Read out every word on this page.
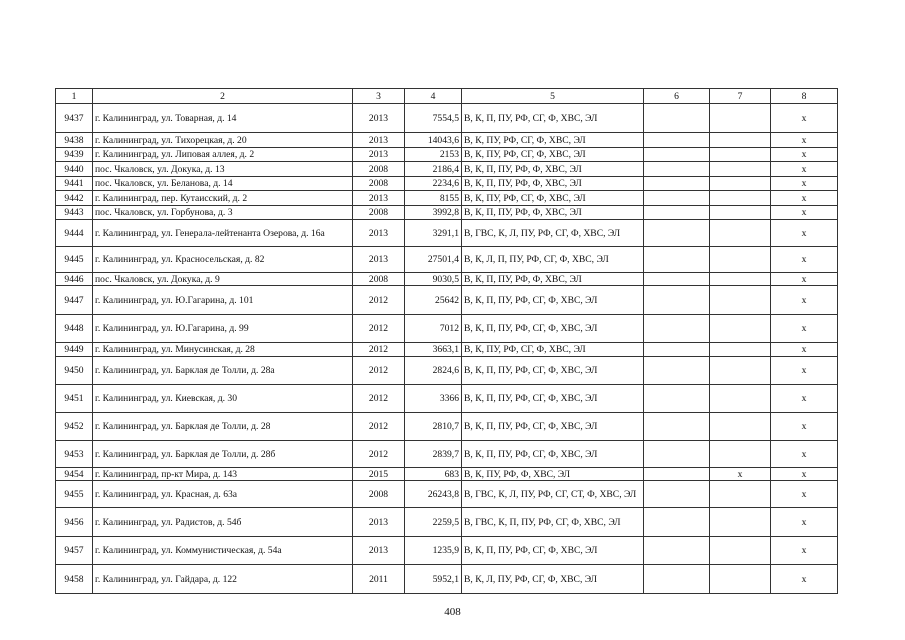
1	2	3	4	5	6	7	8
9437	г. Калининград, ул. Товарная, д. 14	2013	7554,5	В, К, П, ПУ, РФ, СГ, Ф, ХВС, ЭЛ			x
9438	г. Калининград, ул. Тихорецкая, д. 20	2013	14043,6	В, К, ПУ, РФ, СГ, Ф, ХВС, ЭЛ			x
9439	г. Калининград, ул. Липовая аллея, д. 2	2013	2153	В, К, ПУ, РФ, СГ, Ф, ХВС, ЭЛ			x
9440	пос. Чкаловск, ул. Докука, д. 13	2008	2186,4	В, К, П, ПУ, РФ, Ф, ХВС, ЭЛ			x
9441	пос. Чкаловск, ул. Беланова, д. 14	2008	2234,6	В, К, П, ПУ, РФ, Ф, ХВС, ЭЛ			x
9442	г. Калининград, пер. Кутаисский, д. 2	2013	8155	В, К, ПУ, РФ, СГ, Ф, ХВС, ЭЛ			x
9443	пос. Чкаловск, ул. Горбунова, д. 3	2008	3992,8	В, К, П, ПУ, РФ, Ф, ХВС, ЭЛ			x
9444	г. Калининград, ул. Генерала-лейтенанта Озерова, д. 16а	2013	3291,1	В, ГВС, К, Л, ПУ, РФ, СГ, Ф, ХВС, ЭЛ			x
9445	г. Калининград, ул. Красносельская, д. 82	2013	27501,4	В, К, Л, П, ПУ, РФ, СГ, Ф, ХВС, ЭЛ			x
9446	пос. Чкаловск, ул. Докука, д. 9	2008	9030,5	В, К, П, ПУ, РФ, Ф, ХВС, ЭЛ			x
9447	г. Калининград, ул. Ю.Гагарина, д. 101	2012	25642	В, К, П, ПУ, РФ, СГ, Ф, ХВС, ЭЛ			x
9448	г. Калининград, ул. Ю.Гагарина, д. 99	2012	7012	В, К, П, ПУ, РФ, СГ, Ф, ХВС, ЭЛ			x
9449	г. Калининград, ул. Минусинская, д. 28	2012	3663,1	В, К, ПУ, РФ, СГ, Ф, ХВС, ЭЛ			x
9450	г. Калининград, ул. Барклая де Толли, д. 28а	2012	2824,6	В, К, П, ПУ, РФ, СГ, Ф, ХВС, ЭЛ			x
9451	г. Калининград, ул. Киевская, д. 30	2012	3366	В, К, П, ПУ, РФ, СГ, Ф, ХВС, ЭЛ			x
9452	г. Калининград, ул. Барклая де Толли, д. 28	2012	2810,7	В, К, П, ПУ, РФ, СГ, Ф, ХВС, ЭЛ			x
9453	г. Калининград, ул. Барклая де Толли, д. 28б	2012	2839,7	В, К, П, ПУ, РФ, СГ, Ф, ХВС, ЭЛ			x
9454	г. Калининград, пр-кт Мира, д. 143	2015	683	В, К, ПУ, РФ, Ф, ХВС, ЭЛ		x	x
9455	г. Калининград, ул. Красная, д. 63а	2008	26243,8	В, ГВС, К, Л, ПУ, РФ, СГ, СТ, Ф, ХВС, ЭЛ			x
9456	г. Калининград, ул. Радистов, д. 54б	2013	2259,5	В, ГВС, К, П, ПУ, РФ, СГ, Ф, ХВС, ЭЛ			x
9457	г. Калининград, ул. Коммунистическая, д. 54а	2013	1235,9	В, К, П, ПУ, РФ, СГ, Ф, ХВС, ЭЛ			x
9458	г. Калининград, ул. Гайдара, д. 122	2011	5952,1	В, К, Л, ПУ, РФ, СГ, Ф, ХВС, ЭЛ			x
408
